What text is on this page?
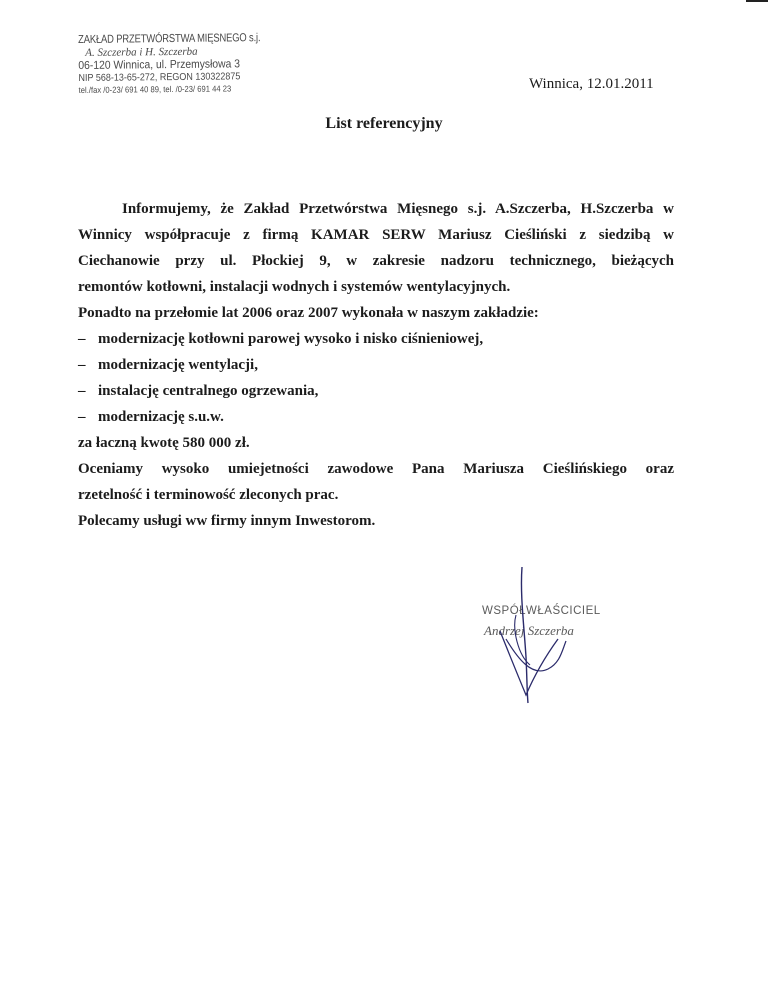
ZAKŁAD PRZETWÓRSTWA MIĘSNEGO s.j.
A. Szczerba i H. Szczerba
06-120 Winnica, ul. Przemysłowa 3
NIP 568-13-65-272, REGON 130322875
tel./fax /0-23/ 691 40 89, tel. /0-23/ 691 44 23	Winnica, 12.01.2011
List referencyjny
Informujemy, że Zakład Przetwórstwa Mięsnego s.j. A.Szczerba, H.Szczerba w
Winnicy współpracuje z firmą KAMAR SERW Mariusz Cieśliński z siedzibą w
Ciechanowie przy ul. Płockiej 9, w zakresie nadzoru technicznego, bieżących
remontów kotłowni, instalacji wodnych i systemów wentylacyjnych.
Ponadto na przełomie lat 2006 oraz 2007 wykonała w naszym zakładzie:
– modernizację kotłowni parowej wysoko i nisko ciśnieniowej,
– modernizację wentylacji,
– instalację centralnego ogrzewania,
– modernizację s.u.w.
za łaczną kwotę 580 000 zł.
Oceniamy wysoko umiejetności zawodowe Pana Mariusza Cieślińskiego oraz
rzetelność i terminowość zleconych prac.
Polecamy usługi ww firmy innym Inwestorom.
WSPÓŁWŁAŚCICIEL
Andrzej Szczerba
